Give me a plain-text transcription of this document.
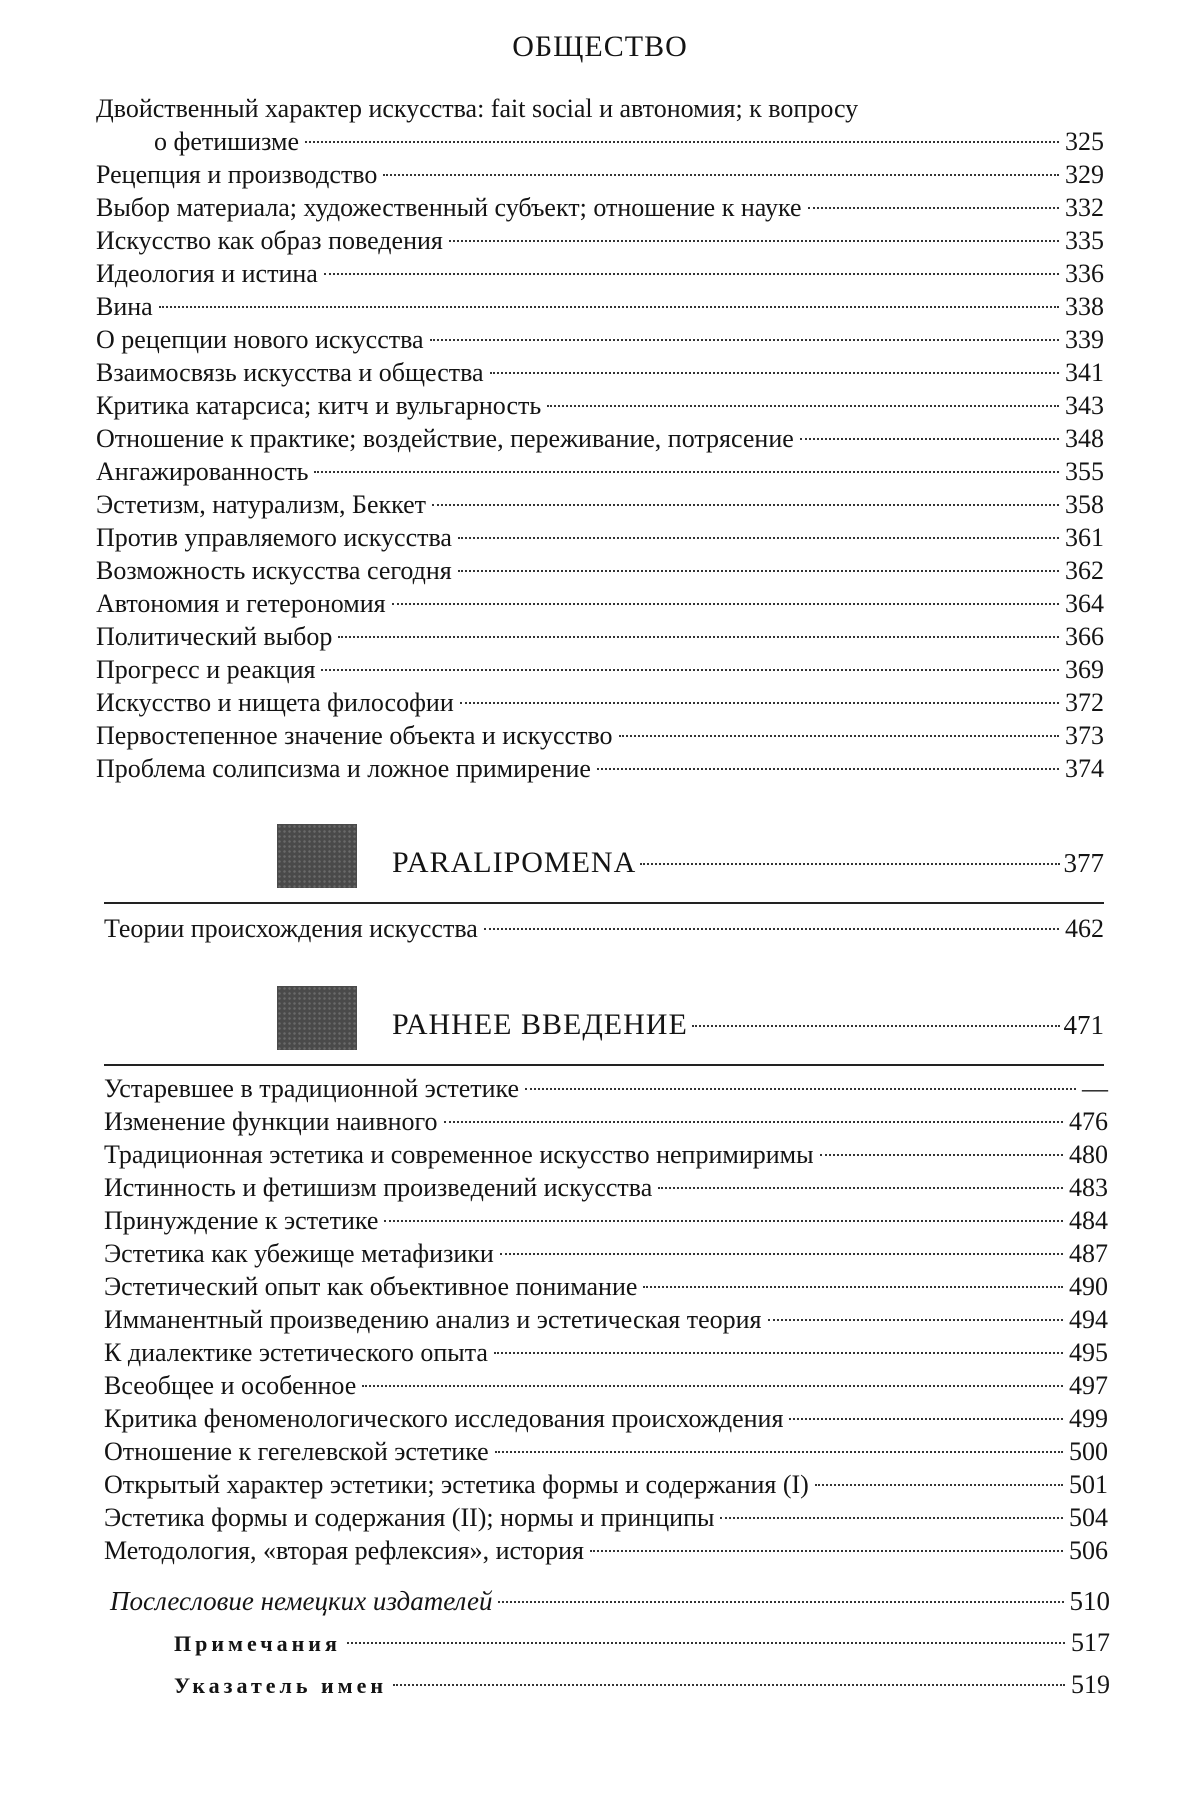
ОБЩЕСТВО
Двойственный характер искусства: fait social и автономия; к вопросу
о фетишизме	325
Рецепция и производство	329
Выбор материала; художественный субъект; отношение к науке	332
Искусство как образ поведения	335
Идеология и истина	336
Вина	338
О рецепции нового искусства	339
Взаимосвязь искусства и общества	341
Критика катарсиса; китч и вульгарность	343
Отношение к практике; воздействие, переживание, потрясение	348
Ангажированность	355
Эстетизм, натурализм, Беккет	358
Против управляемого искусства	361
Возможность искусства сегодня	362
Автономия и гетерономия	364
Политический выбор	366
Прогресс и реакция	369
Искусство и нищета философии	372
Первостепенное значение объекта и искусство	373
Проблема солипсизма и ложное примирение	374
PARALIPOMENA	377
Теории происхождения искусства	462
РАННЕЕ ВВЕДЕНИЕ	471
Устаревшее в традиционной эстетике	—
Изменение функции наивного	476
Традиционная эстетика и современное искусство непримиримы	480
Истинность и фетишизм произведений искусства	483
Принуждение к эстетике	484
Эстетика как убежище метафизики	487
Эстетический опыт как объективное понимание	490
Имманентный произведению анализ и эстетическая теория	494
К диалектике эстетического опыта	495
Всеобщее и особенное	497
Критика феноменологического исследования происхождения	499
Отношение к гегелевской эстетике	500
Открытый характер эстетики; эстетика формы и содержания (I)	501
Эстетика формы и содержания (II); нормы и принципы	504
Методология, «вторая рефлексия», история	506
Послесловие немецких издателей	510
Примечания	517
Указатель имен	519
